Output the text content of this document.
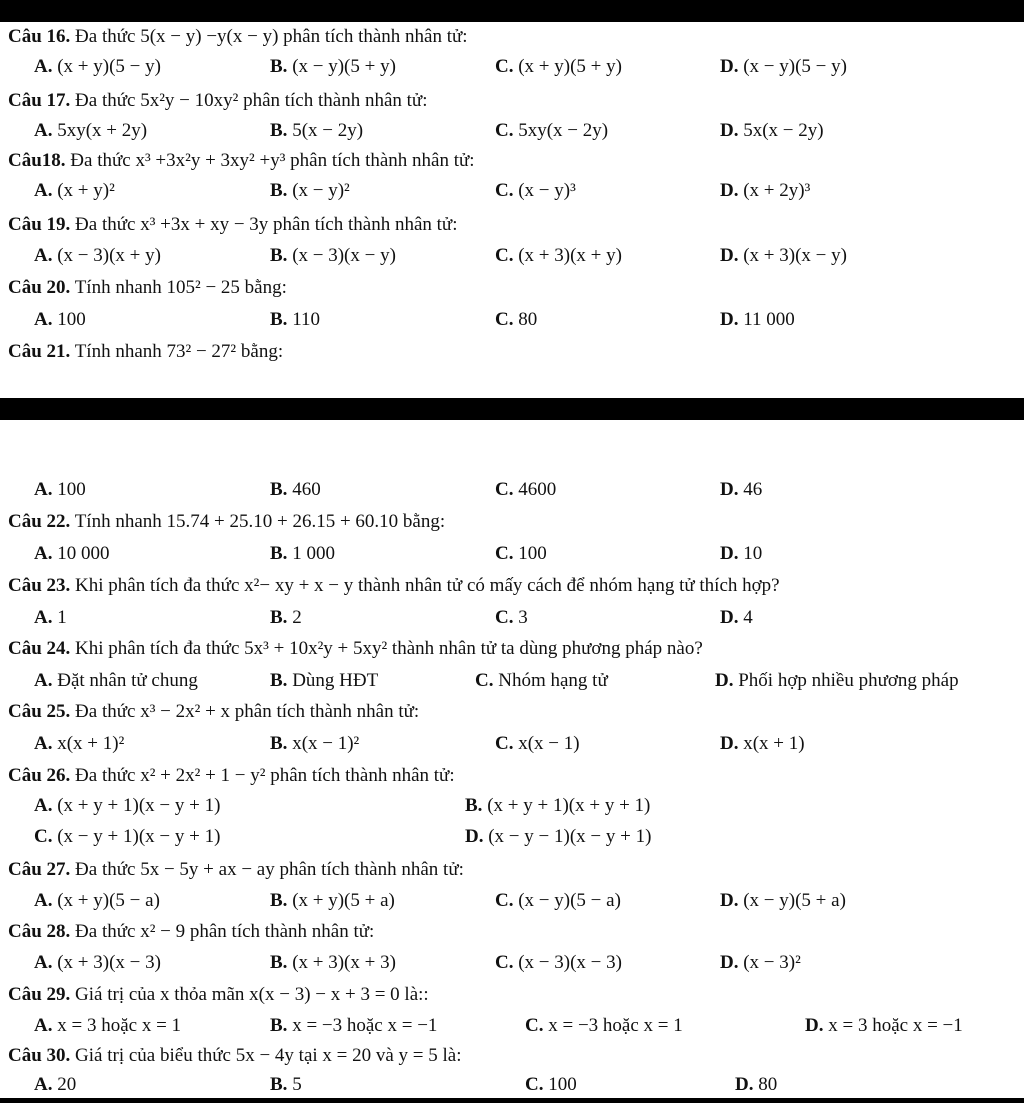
Câu 16. Đa thức 5(x − y) −y(x − y) phân tích thành nhân tử:
A. (x + y)(5 − y)	B. (x − y)(5 + y)	C. (x + y)(5 + y)	D. (x − y)(5 − y)
Câu 17. Đa thức 5x²y − 10xy² phân tích thành nhân tử:
A. 5xy(x + 2y)	B. 5(x − 2y)	C. 5xy(x − 2y)	D. 5x(x − 2y)
Câu18. Đa thức x³ +3x²y + 3xy² +y³ phân tích thành nhân tử:
A. (x + y)²	B. (x − y)²	C. (x − y)³	D. (x + 2y)³
Câu 19. Đa thức x³ +3x + xy − 3y phân tích thành nhân tử:
A. (x − 3)(x + y)	B. (x − 3)(x − y)	C. (x + 3)(x + y)	D. (x + 3)(x − y)
Câu 20. Tính nhanh 105² − 25 bằng:
A. 100	B. 110	C. 80	D. 11 000
Câu 21. Tính nhanh 73² − 27² bằng:
A. 100	B. 460	C. 4600	D. 46
Câu 22. Tính nhanh 15.74 + 25.10 + 26.15 + 60.10 bằng:
A. 10 000	B. 1 000	C. 100	D. 10
Câu 23. Khi phân tích đa thức x²− xy + x − y thành nhân tử có mấy cách để nhóm hạng tử thích hợp?
A. 1	B. 2	C. 3	D. 4
Câu 24. Khi phân tích đa thức 5x³ + 10x²y + 5xy² thành nhân tử ta dùng phương pháp nào?
A. Đặt nhân tử chung	B. Dùng HĐT	C. Nhóm hạng tử	D. Phối hợp nhiều phương pháp
Câu 25. Đa thức x³ − 2x² + x phân tích thành nhân tử:
A. x(x + 1)²	B. x(x − 1)²	C. x(x − 1)	D. x(x + 1)
Câu 26. Đa thức x² + 2x² + 1 − y² phân tích thành nhân tử:
A. (x + y + 1)(x − y + 1)	B. (x + y + 1)(x + y + 1)
C. (x − y + 1)(x − y + 1)	D. (x − y − 1)(x − y + 1)
Câu 27. Đa thức 5x − 5y + ax − ay phân tích thành nhân tử:
A. (x + y)(5 − a)	B. (x + y)(5 + a)	C. (x − y)(5 − a)	D. (x − y)(5 + a)
Câu 28. Đa thức x² − 9 phân tích thành nhân tử:
A. (x + 3)(x − 3)	B. (x + 3)(x + 3)	C. (x − 3)(x − 3)	D. (x − 3)²
Câu 29. Giá trị của x thỏa mãn x(x − 3) − x + 3 = 0 là::
A. x = 3 hoặc x = 1	B. x = −3 hoặc x = −1	C. x = −3 hoặc x = 1	D. x = 3 hoặc x = −1
Câu 30. Giá trị của biểu thức 5x − 4y tại x = 20 và y = 5 là:
A. 20	B. 5	C. 100	D. 80
